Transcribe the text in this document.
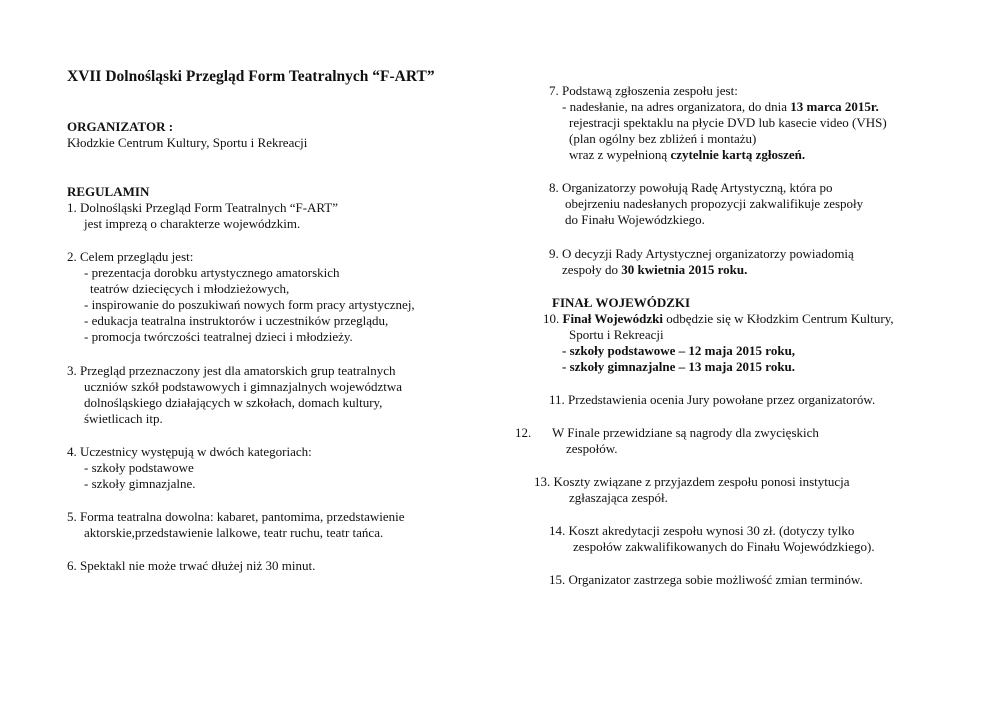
XVII Dolnośląski Przegląd Form Teatralnych “F-ART”
ORGANIZATOR :
Kłodzkie Centrum Kultury, Sportu i Rekreacji
REGULAMIN
1. Dolnośląski Przegląd Form Teatralnych “F-ART”
jest imprezą o charakterze wojewódzkim.
2. Celem przeglądu jest:
- prezentacja dorobku artystycznego amatorskich
teatrów dziecięcych i młodzieżowych,
- inspirowanie do poszukiwań nowych form pracy artystycznej,
- edukacja teatralna instruktorów i uczestników przeglądu,
- promocja twórczości teatralnej dzieci i młodzieży.
3. Przegląd przeznaczony jest dla amatorskich grup teatralnych
uczniów szkół podstawowych i gimnazjalnych województwa
dolnośląskiego działających w szkołach, domach kultury,
świetlicach itp.
4. Uczestnicy występują w dwóch kategoriach:
- szkoły podstawowe
- szkoły gimnazjalne.
5. Forma teatralna dowolna: kabaret, pantomima, przedstawienie
aktorskie,przedstawienie lalkowe, teatr ruchu, teatr tańca.
6. Spektakl nie może trwać dłużej niż 30 minut.
7. Podstawą zgłoszenia zespołu jest:
- nadesłanie, na adres organizatora, do dnia 13 marca 2015r.
rejestracji spektaklu na płycie DVD lub kasecie video (VHS)
(plan ogólny bez zbliżeń i montażu)
wraz z wypełnioną czytelnie kartą zgłoszeń.
8. Organizatorzy powołują Radę Artystyczną, która po
obejrzeniu nadesłanych propozycji zakwalifikuje zespoły
do Finału Wojewódzkiego.
9. O decyzji Rady Artystycznej organizatorzy powiadomią
zespoły do 30 kwietnia 2015 roku.
FINAŁ WOJEWÓDZKI
10. Finał Wojewódzki odbędzie się w Kłodzkim Centrum Kultury,
Sportu i Rekreacji
- szkoły podstawowe – 12 maja 2015 roku,
- szkoły gimnazjalne – 13 maja 2015 roku.
11. Przedstawienia ocenia Jury powołane przez organizatorów.
12. W Finale przewidziane są nagrody dla zwycięskich
zespołów.
13. Koszty związane z przyjazdem zespołu ponosi instytucja
zgłaszająca zespół.
14. Koszt akredytacji zespołu wynosi 30 zł. (dotyczy tylko
zespołów zakwalifikowanych do Finału Wojewódzkiego).
15. Organizator zastrzega sobie możliwość zmian terminów.
